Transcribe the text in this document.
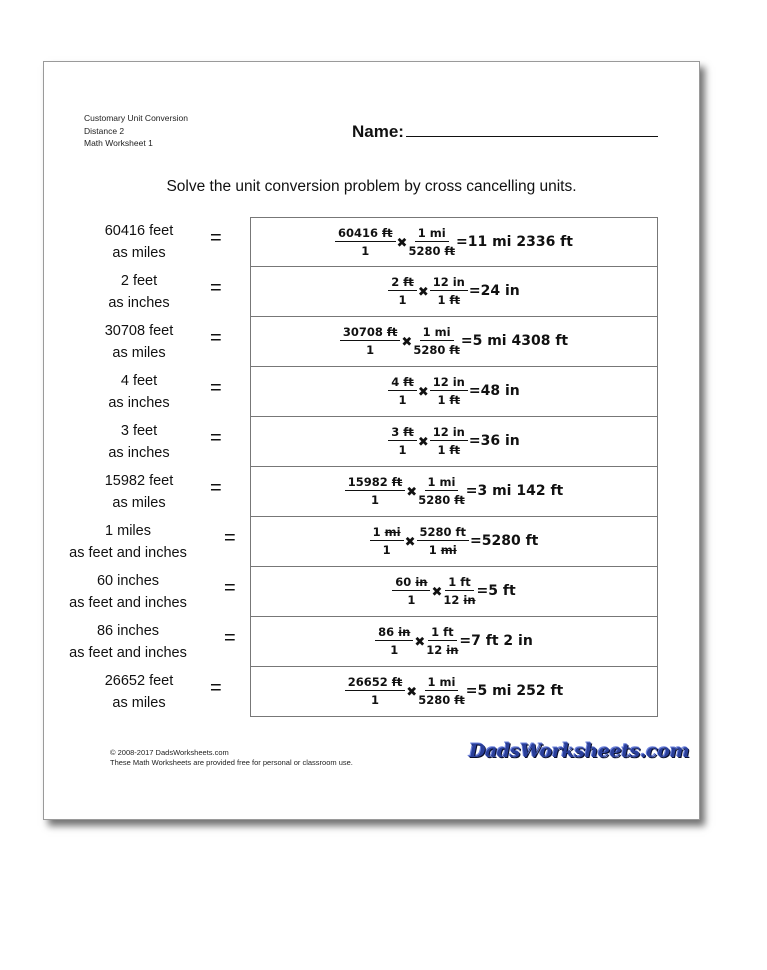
Customary Unit Conversion
Distance 2
Math Worksheet 1
Name:
Solve the unit conversion problem by cross cancelling units.
60416 feet
as miles
=	$\frac{60416 ft}{1}$ ✖ $\frac{1 mi}{5280 ft} =11$ mi 2336 ft
2 feet
as inches
=	$\frac{2 ft}{1}$ ✖ $\frac{12 in}{1 ft} =24$ in
30708 feet
as miles
=	$\frac{30708 ft}{1}$ ✖ $\frac{1 mi}{5280 ft} =5$ mi 4308 ft
4 feet
as inches
=	$\frac{4 ft}{1}$ ✖ $\frac{12 in}{1 ft} =48$ in
3 feet
as inches
=	$\frac{3 ft}{1}$ ✖ $\frac{12 in}{1 ft} =36$ in
15982 feet
as miles
=	$\frac{15982 ft}{1}$ ✖ $\frac{1 mi}{5280 ft} =3$ mi 142 ft
1 miles
as feet and inches
=	$\frac{1 mi}{1}$ ✖ $\frac{5280 ft}{1 mi} =5280$ ft
60 inches
as feet and inches
=	$\frac{60 in}{1}$ ✖ $\frac{1 ft}{12 in} =5$ ft
86 inches
as feet and inches
=	$\frac{86 in}{1}$ ✖ $\frac{1 ft}{12 in} =7$ ft 2 in
26652 feet
as miles
=	$\frac{26652 ft}{1}$ ✖ $\frac{1 mi}{5280 ft} =5$ mi 252 ft
© 2008-2017 DadsWorksheets.com
These Math Worksheets are provided free for personal or classroom use.
DadsWorksheets.com
